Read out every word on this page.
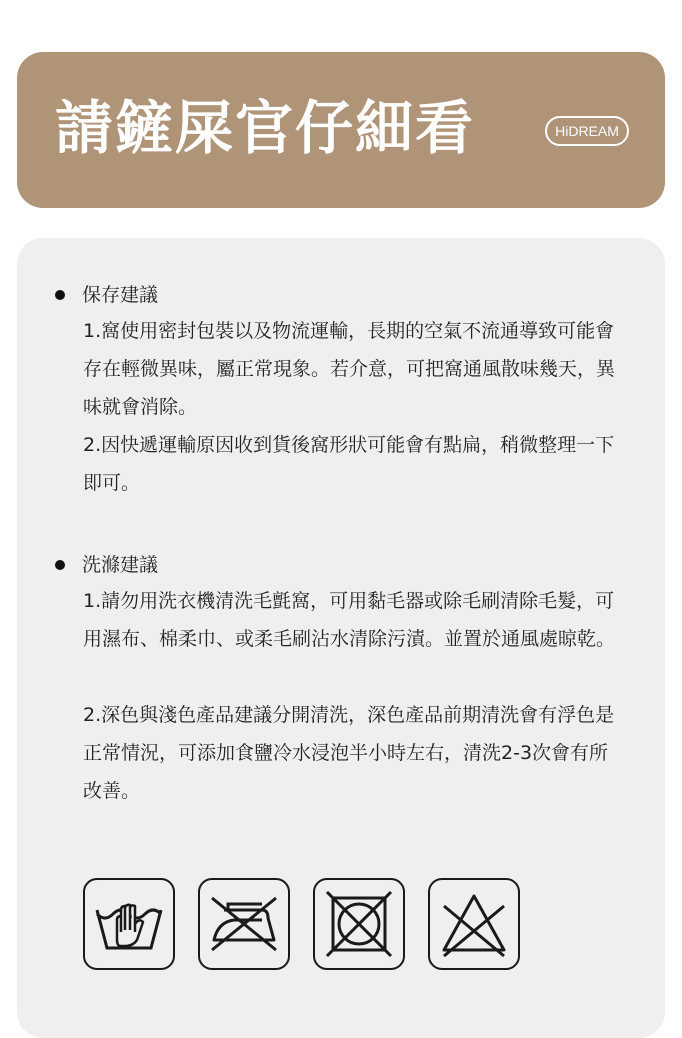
請鏟屎官仔細看	HiDREAM
保存建議
1.窩使用密封包裝以及物流運輸，長期的空氣不流通導致可能會存在輕微異味，屬正常現象。若介意，可把窩通風散味幾天，異味就會消除。
2.因快遞運輸原因收到貨後窩形狀可能會有點扁，稍微整理一下即可。
洗滌建議
1.請勿用洗衣機清洗毛氈窩，可用黏毛器或除毛刷清除毛髮，可用濕布、棉柔巾、或柔毛刷沾水清除污漬。並置於通風處晾乾。
2.深色與淺色產品建議分開清洗，深色產品前期清洗會有浮色是正常情況，可添加食鹽冷水浸泡半小時左右，清洗2-3次會有所改善。
